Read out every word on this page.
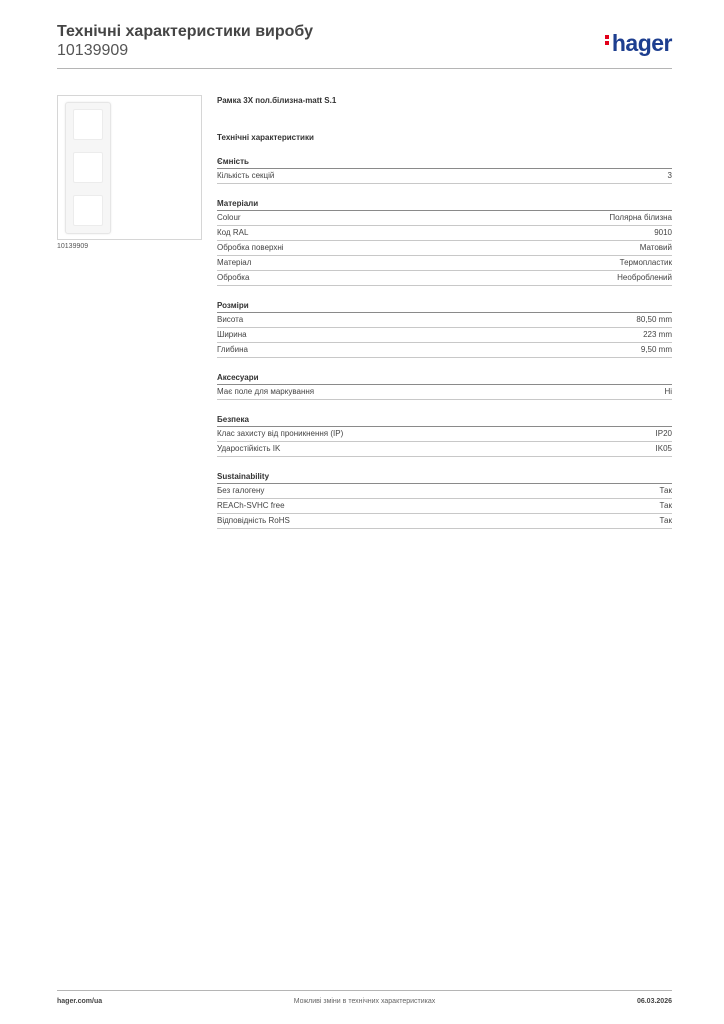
Технічні характеристики виробу
10139909	hager
10139909
Рамка 3X пол.білизна-matt S.1
Технічні характеристики
Ємність
Кількість секцій	3
Матеріали
Colour	Полярна білизна
Код RAL	9010
Обробка поверхні	Матовий
Матеріал	Термопластик
Обробка	Необроблений
Розміри
Висота	80,50 mm
Ширина	223 mm
Глибина	9,50 mm
Аксесуари
Має поле для маркування	Ні
Безпека
Клас захисту від проникнення (IP)	IP20
Ударостійкість IK	IK05
Sustainability
Без галогену	Так
REACh-SVHC free	Так
Відповідність RoHS	Так
hager.com/ua	Можливі зміни в технічних характеристиках	06.03.2026
